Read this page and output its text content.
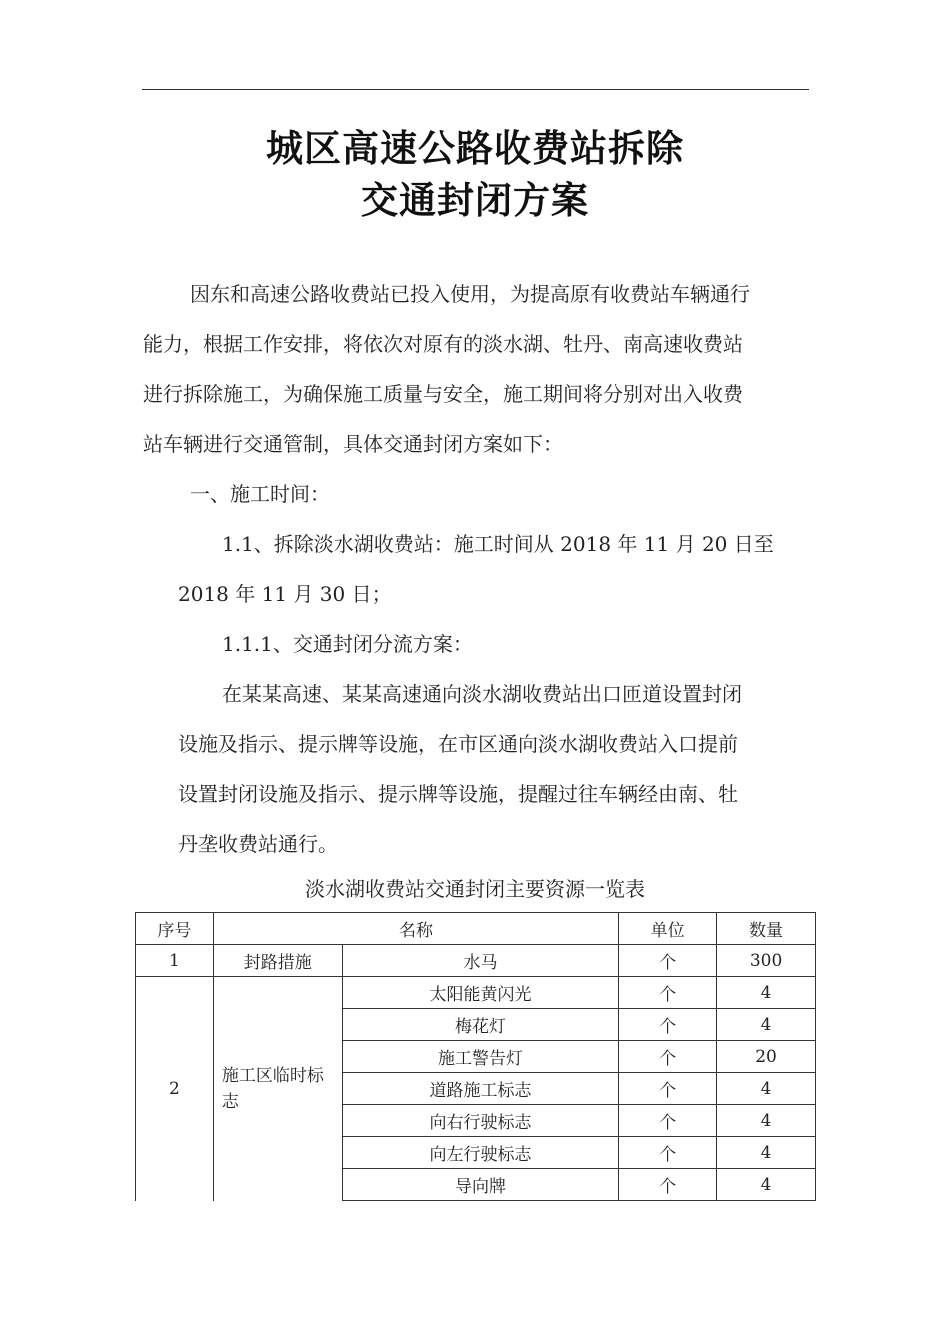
城区高速公路收费站拆除
交通封闭方案
因东和高速公路收费站已投入使用，为提高原有收费站车辆通行
能力，根据工作安排，将依次对原有的淡水湖、牡丹、南高速收费站
进行拆除施工，为确保施工质量与安全，施工期间将分别对出入收费
站车辆进行交通管制，具体交通封闭方案如下：
一、施工时间：
1.1、拆除淡水湖收费站：施工时间从 2018 年 11 月 20 日至
2018 年 11 月 30 日；
1.1.1、交通封闭分流方案：
在某某高速、某某高速通向淡水湖收费站出口匝道设置封闭
设施及指示、提示牌等设施，在市区通向淡水湖收费站入口提前
设置封闭设施及指示、提示牌等设施，提醒过往车辆经由南、牡
丹垄收费站通行。
淡水湖收费站交通封闭主要资源一览表
序号	名称		单位	数量
1	封路措施	水马	个	300
2	施工区临时标志	太阳能黄闪光	个	4
		梅花灯	个	4
		施工警告灯	个	20
		道路施工标志	个	4
		向右行驶标志	个	4
		向左行驶标志	个	4
		导向牌	个	4
